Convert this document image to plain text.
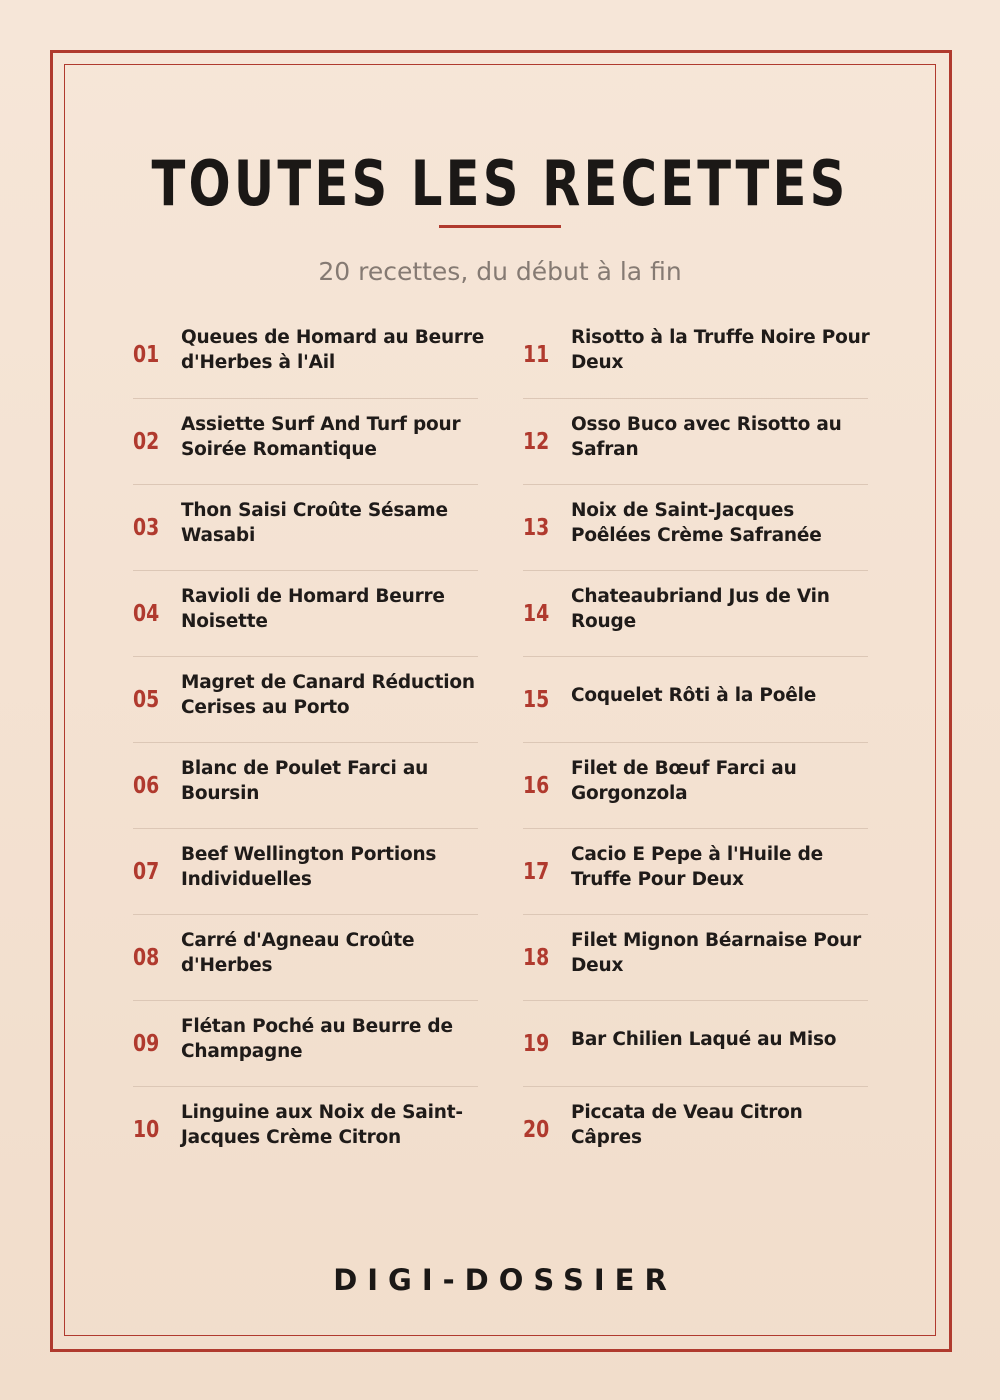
TOUTES LES RECETTES
20 recettes, du début à la fin
01
Queues de Homard au Beurre d'Herbes à l'Ail
02
Assiette Surf And Turf pour Soirée Romantique
03
Thon Saisi Croûte Sésame Wasabi
04
Ravioli de Homard Beurre Noisette
05
Magret de Canard Réduction Cerises au Porto
06
Blanc de Poulet Farci au Boursin
07
Beef Wellington Portions Individuelles
08
Carré d'Agneau Croûte d'Herbes
09
Flétan Poché au Beurre de Champagne
10
Linguine aux Noix de Saint-Jacques Crème Citron
11
Risotto à la Truffe Noire Pour Deux
12
Osso Buco avec Risotto au Safran
13
Noix de Saint-Jacques Poêlées Crème Safranée
14
Chateaubriand Jus de Vin Rouge
15	Coquelet Rôti à la Poêle
16
Filet de Bœuf Farci au Gorgonzola
17
Cacio E Pepe à l'Huile de Truffe Pour Deux
18
Filet Mignon Béarnaise Pour Deux
19	Bar Chilien Laqué au Miso
20
Piccata de Veau Citron Câpres
DIGI-DOSSIER
